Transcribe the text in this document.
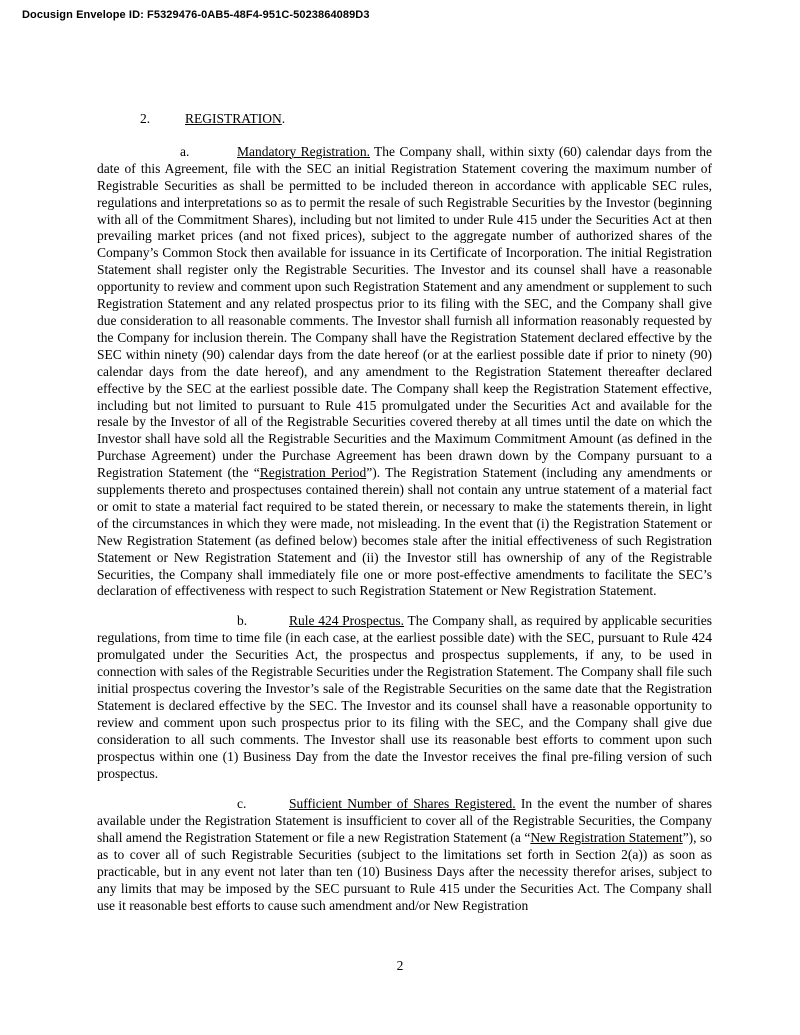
Docusign Envelope ID: F5329476-0AB5-48F4-951C-5023864089D3
2.	REGISTRATION.

a.	Mandatory Registration. The Company shall, within sixty (60) calendar days from the date of this Agreement, file with the SEC an initial Registration Statement covering the maximum number of Registrable Securities as shall be permitted to be included thereon in accordance with applicable SEC rules, regulations and interpretations so as to permit the resale of such Registrable Securities by the Investor (beginning with all of the Commitment Shares), including but not limited to under Rule 415 under the Securities Act at then prevailing market prices (and not fixed prices), subject to the aggregate number of authorized shares of the Company’s Common Stock then available for issuance in its Certificate of Incorporation. The initial Registration Statement shall register only the Registrable Securities. The Investor and its counsel shall have a reasonable opportunity to review and comment upon such Registration Statement and any amendment or supplement to such Registration Statement and any related prospectus prior to its filing with the SEC, and the Company shall give due consideration to all reasonable comments. The Investor shall furnish all information reasonably requested by the Company for inclusion therein. The Company shall have the Registration Statement declared effective by the SEC within ninety (90) calendar days from the date hereof (or at the earliest possible date if prior to ninety (90) calendar days from the date hereof), and any amendment to the Registration Statement thereafter declared effective by the SEC at the earliest possible date. The Company shall keep the Registration Statement effective, including but not limited to pursuant to Rule 415 promulgated under the Securities Act and available for the resale by the Investor of all of the Registrable Securities covered thereby at all times until the date on which the Investor shall have sold all the Registrable Securities and the Maximum Commitment Amount (as defined in the Purchase Agreement) under the Purchase Agreement has been drawn down by the Company pursuant to a Registration Statement (the “Registration Period”). The Registration Statement (including any amendments or supplements thereto and prospectuses contained therein) shall not contain any untrue statement of a material fact or omit to state a material fact required to be stated therein, or necessary to make the statements therein, in light of the circumstances in which they were made, not misleading. In the event that (i) the Registration Statement or New Registration Statement (as defined below) becomes stale after the initial effectiveness of such Registration Statement or New Registration Statement and (ii) the Investor still has ownership of any of the Registrable Securities, the Company shall immediately file one or more post-effective amendments to facilitate the SEC’s declaration of effectiveness with respect to such Registration Statement or New Registration Statement.

b.	Rule 424 Prospectus. The Company shall, as required by applicable securities regulations, from time to time file (in each case, at the earliest possible date) with the SEC, pursuant to Rule 424 promulgated under the Securities Act, the prospectus and prospectus supplements, if any, to be used in connection with sales of the Registrable Securities under the Registration Statement. The Company shall file such initial prospectus covering the Investor’s sale of the Registrable Securities on the same date that the Registration Statement is declared effective by the SEC. The Investor and its counsel shall have a reasonable opportunity to review and comment upon such prospectus prior to its filing with the SEC, and the Company shall give due consideration to all such comments. The Investor shall use its reasonable best efforts to comment upon such prospectus within one (1) Business Day from the date the Investor receives the final pre-filing version of such prospectus.

c.	Sufficient Number of Shares Registered. In the event the number of shares available under the Registration Statement is insufficient to cover all of the Registrable Securities, the Company shall amend the Registration Statement or file a new Registration Statement (a “New Registration Statement”), so as to cover all of such Registrable Securities (subject to the limitations set forth in Section 2(a)) as soon as practicable, but in any event not later than ten (10) Business Days after the necessity therefor arises, subject to any limits that may be imposed by the SEC pursuant to Rule 415 under the Securities Act. The Company shall use it reasonable best efforts to cause such amendment and/or New Registration

2
